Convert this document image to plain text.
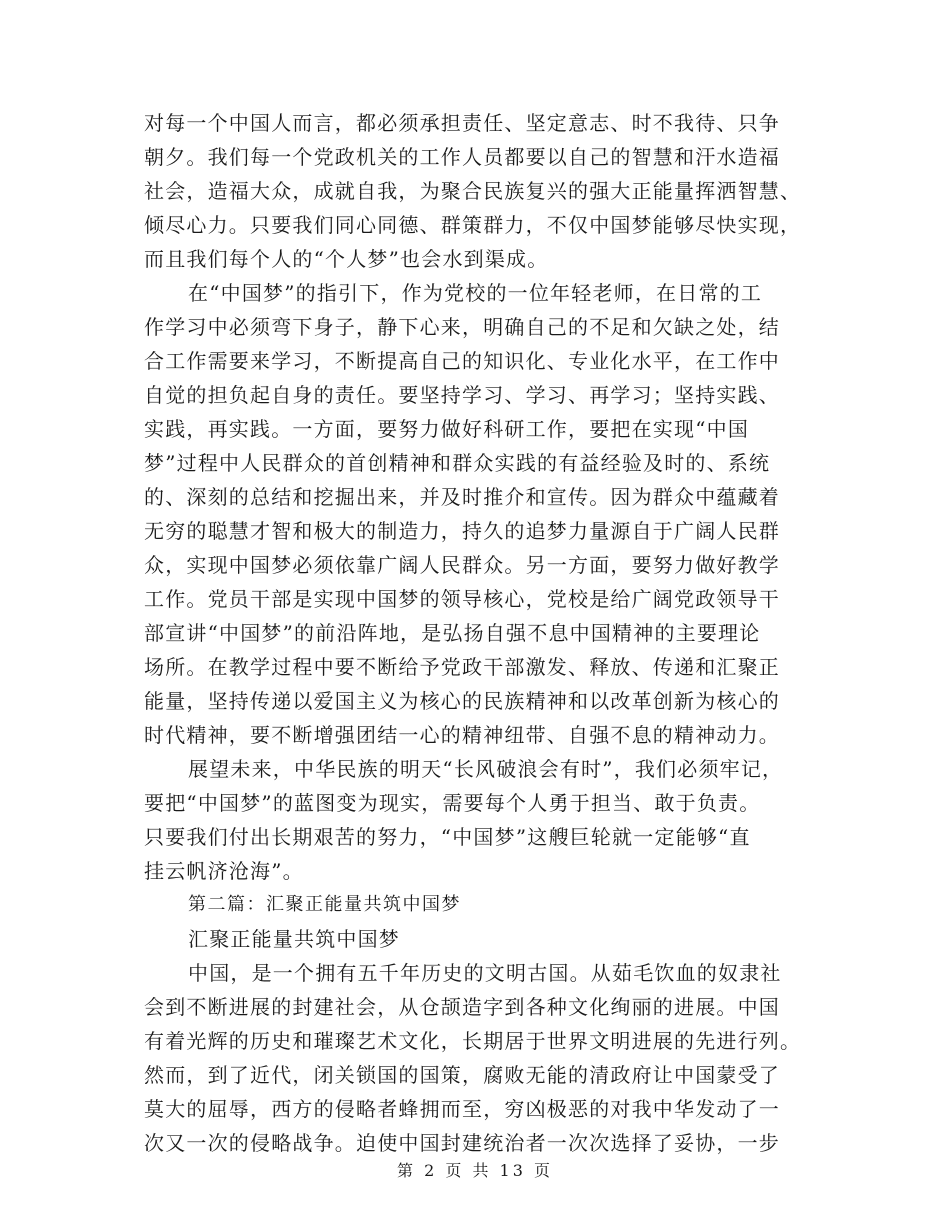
对每一个中国人而言，都必须承担责任、坚定意志、时不我待、只争
朝夕。我们每一个党政机关的工作人员都要以自己的智慧和汗水造福
社会，造福大众，成就自我，为聚合民族复兴的强大正能量挥洒智慧、
倾尽心力。只要我们同心同德、群策群力，不仅中国梦能够尽快实现，
而且我们每个人的“个人梦”也会水到渠成。
在“中国梦”的指引下，作为党校的一位年轻老师，在日常的工
作学习中必须弯下身子，静下心来，明确自己的不足和欠缺之处，结
合工作需要来学习，不断提高自己的知识化、专业化水平，在工作中
自觉的担负起自身的责任。要坚持学习、学习、再学习；坚持实践、
实践，再实践。一方面，要努力做好科研工作，要把在实现“中国
梦”过程中人民群众的首创精神和群众实践的有益经验及时的、系统
的、深刻的总结和挖掘出来，并及时推介和宣传。因为群众中蕴藏着
无穷的聪慧才智和极大的制造力，持久的追梦力量源自于广阔人民群
众，实现中国梦必须依靠广阔人民群众。另一方面，要努力做好教学
工作。党员干部是实现中国梦的领导核心，党校是给广阔党政领导干
部宣讲“中国梦”的前沿阵地，是弘扬自强不息中国精神的主要理论
场所。在教学过程中要不断给予党政干部激发、释放、传递和汇聚正
能量，坚持传递以爱国主义为核心的民族精神和以改革创新为核心的
时代精神，要不断增强团结一心的精神纽带、自强不息的精神动力。
展望未来，中华民族的明天“长风破浪会有时”，我们必须牢记，
要把“中国梦”的蓝图变为现实，需要每个人勇于担当、敢于负责。
只要我们付出长期艰苦的努力，“中国梦”这艘巨轮就一定能够“直
挂云帆济沧海”。
第二篇：汇聚正能量共筑中国梦
汇聚正能量共筑中国梦
中国，是一个拥有五千年历史的文明古国。从茹毛饮血的奴隶社
会到不断进展的封建社会，从仓颉造字到各种文化绚丽的进展。中国
有着光辉的历史和璀璨艺术文化，长期居于世界文明进展的先进行列。
然而，到了近代，闭关锁国的国策，腐败无能的清政府让中国蒙受了
莫大的屈辱，西方的侵略者蜂拥而至，穷凶极恶的对我中华发动了一
次又一次的侵略战争。迫使中国封建统治者一次次选择了妥协，一步
第 2 页 共 13 页
